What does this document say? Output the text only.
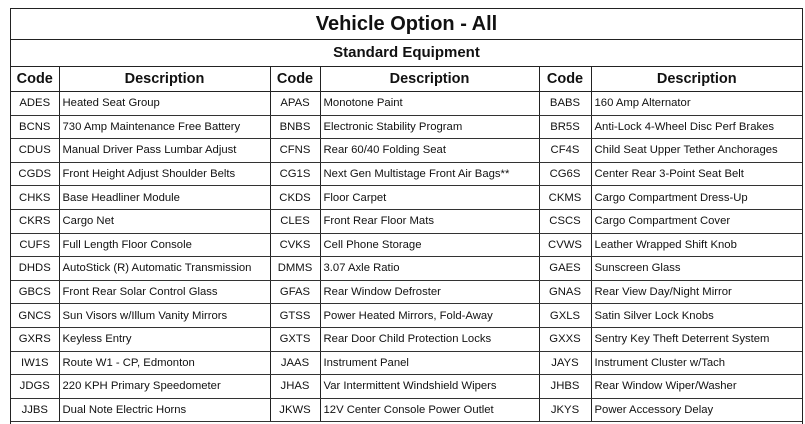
Vehicle Option - All
Standard Equipment
Code	Description	Code	Description	Code	Description
ADES	Heated Seat Group	APAS	Monotone Paint	BABS	160 Amp Alternator
BCNS	730 Amp Maintenance Free Battery	BNBS	Electronic Stability Program	BR5S	Anti-Lock 4-Wheel Disc Perf Brakes
CDUS	Manual Driver Pass Lumbar Adjust	CFNS	Rear 60/40 Folding Seat	CF4S	Child Seat Upper Tether Anchorages
CGDS	Front Height Adjust Shoulder Belts	CG1S	Next Gen Multistage Front Air Bags**	CG6S	Center Rear 3-Point Seat Belt
CHKS	Base Headliner Module	CKDS	Floor Carpet	CKMS	Cargo Compartment Dress-Up
CKRS	Cargo Net	CLES	Front Rear Floor Mats	CSCS	Cargo Compartment Cover
CUFS	Full Length Floor Console	CVKS	Cell Phone Storage	CVWS	Leather Wrapped Shift Knob
DHDS	AutoStick (R) Automatic Transmission	DMMS	3.07 Axle Ratio	GAES	Sunscreen Glass
GBCS	Front Rear Solar Control Glass	GFAS	Rear Window Defroster	GNAS	Rear View Day/Night Mirror
GNCS	Sun Visors w/Illum Vanity Mirrors	GTSS	Power Heated Mirrors, Fold-Away	GXLS	Satin Silver Lock Knobs
GXRS	Keyless Entry	GXTS	Rear Door Child Protection Locks	GXXS	Sentry Key Theft Deterrent System
IW1S	Route W1 - CP, Edmonton	JAAS	Instrument Panel	JAYS	Instrument Cluster w/Tach
JDGS	220 KPH Primary Speedometer	JHAS	Var Intermittent Windshield Wipers	JHBS	Rear Window Wiper/Washer
JJBS	Dual Note Electric Horns	JKWS	12V Center Console Power Outlet	JKYS	Power Accessory Delay
